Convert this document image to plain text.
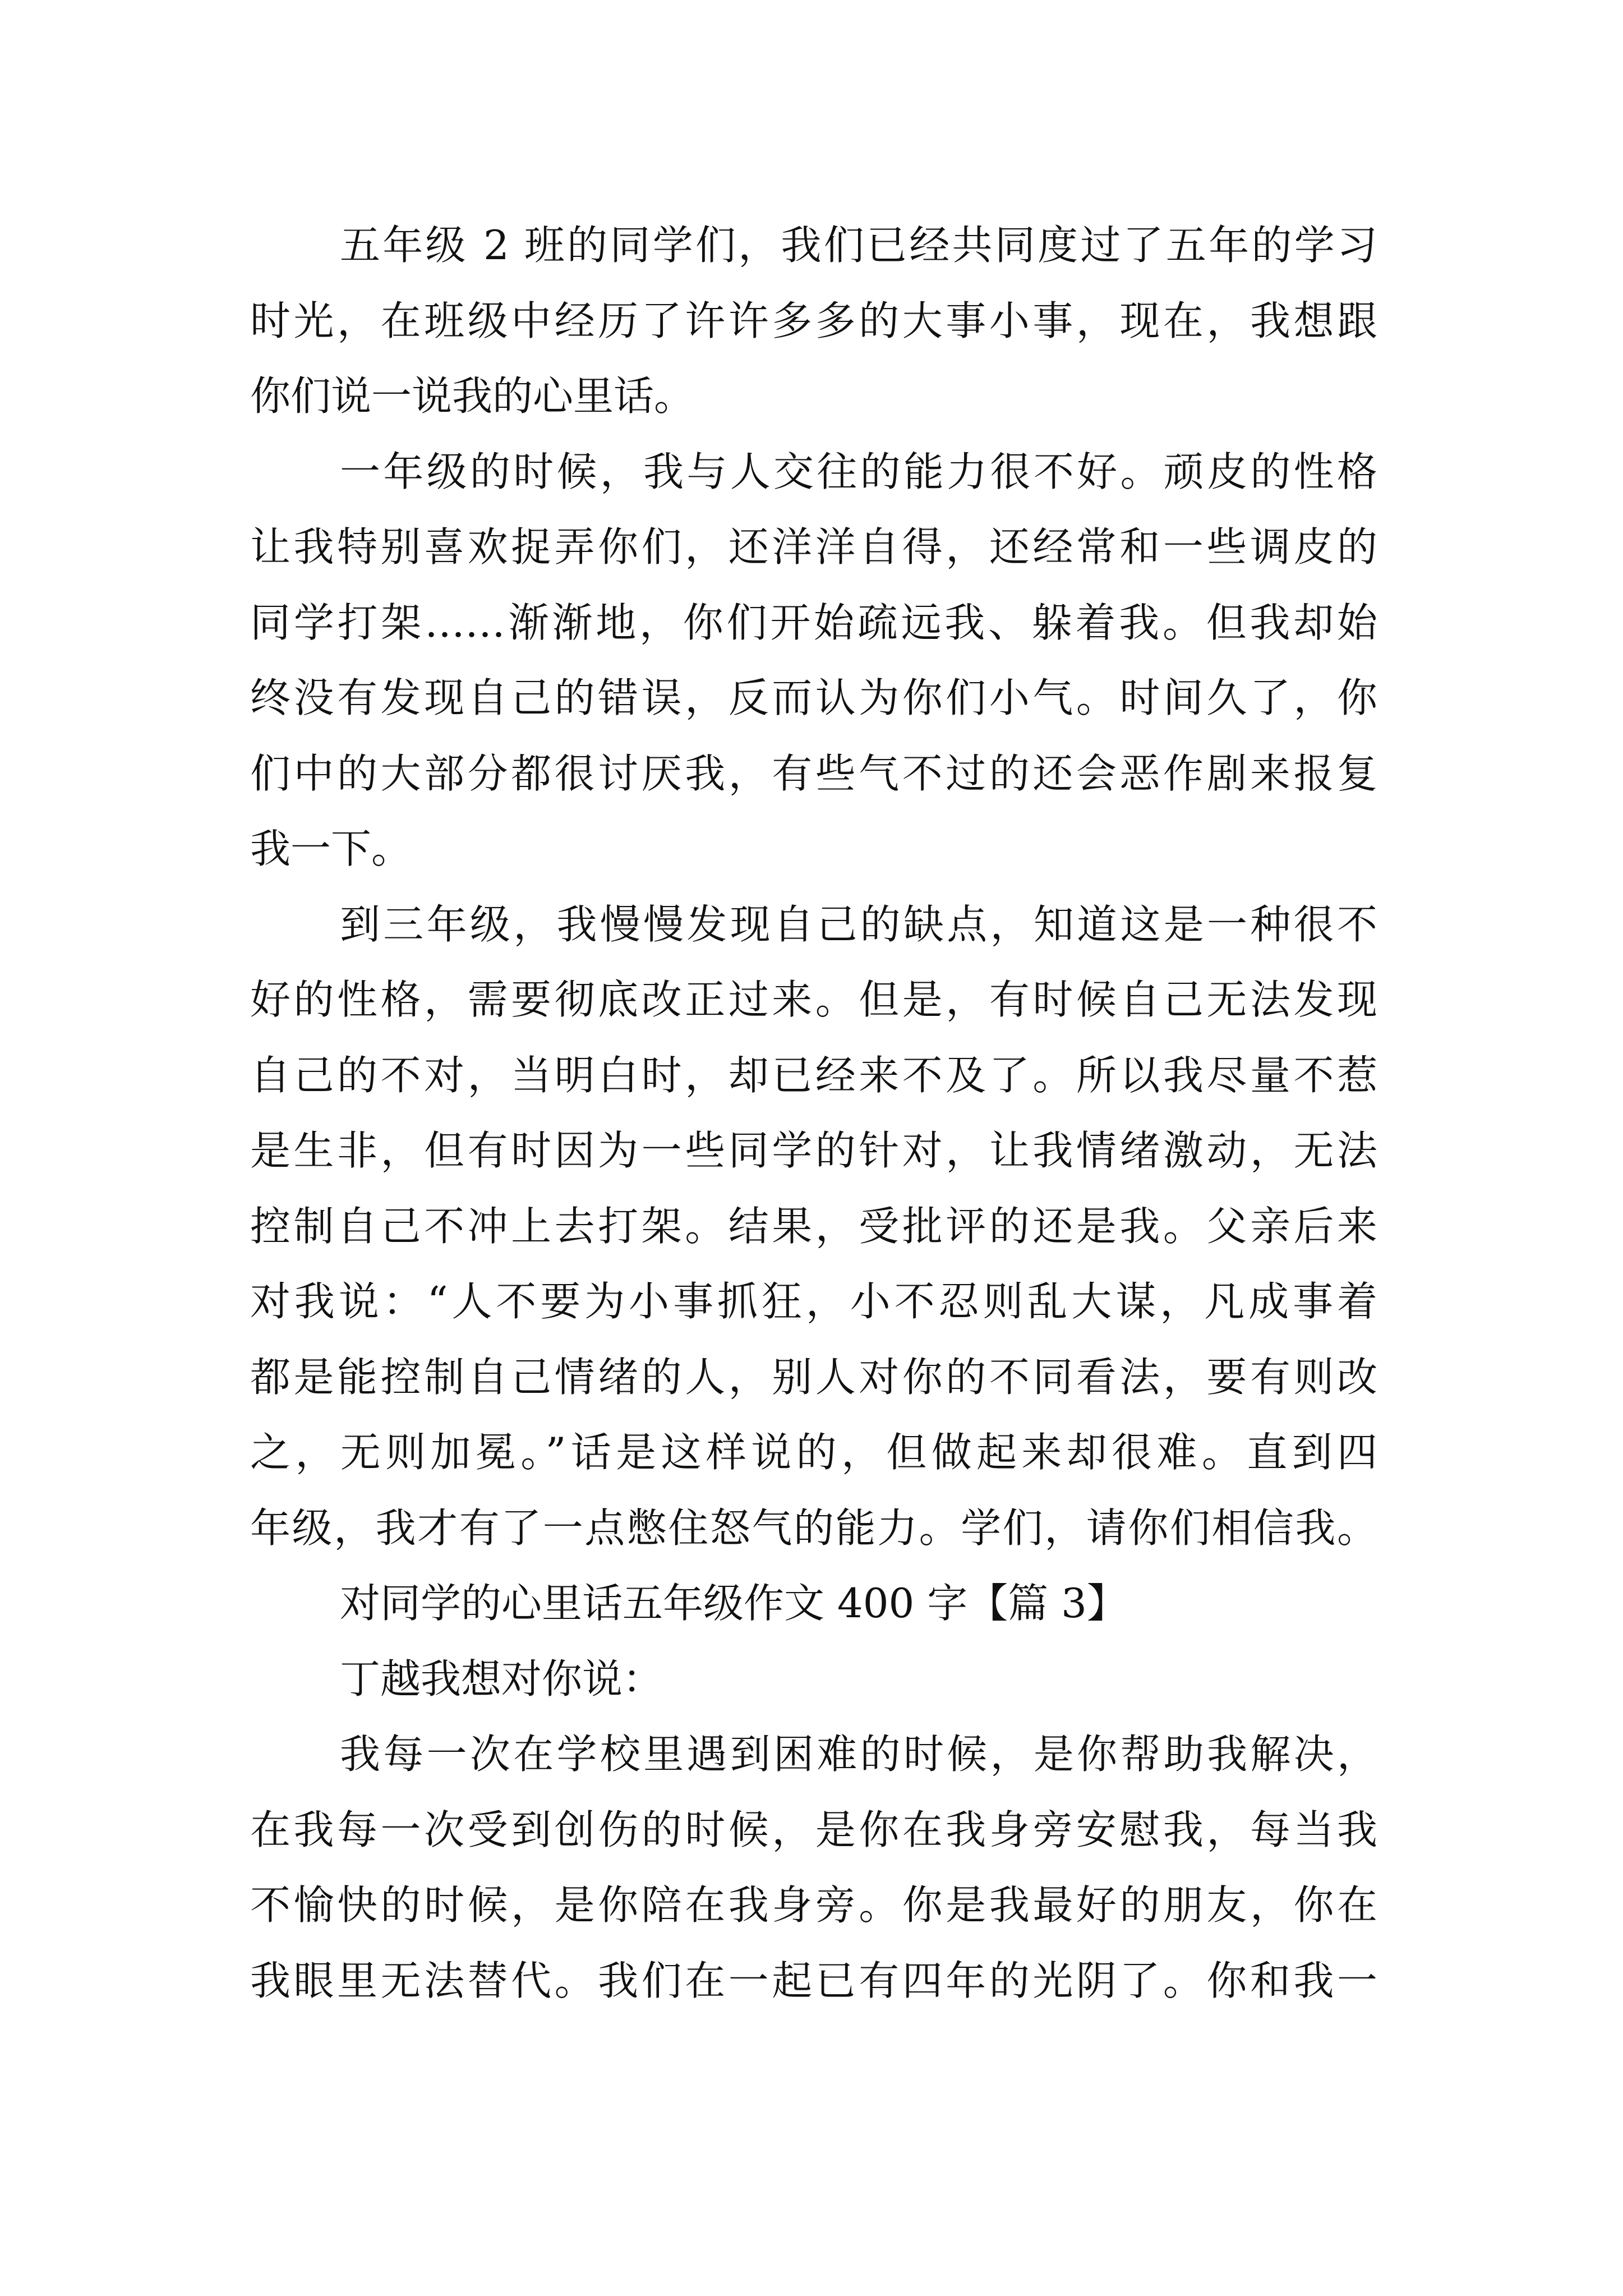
五年级 2 班的同学们，我们已经共同度过了五年的学习
时光，在班级中经历了许许多多的大事小事，现在，我想跟
你们说一说我的心里话。
一年级的时候，我与人交往的能力很不好。顽皮的性格
让我特别喜欢捉弄你们，还洋洋自得，还经常和一些调皮的
同学打架……渐渐地，你们开始疏远我、躲着我。但我却始
终没有发现自己的错误，反而认为你们小气。时间久了，你
们中的大部分都很讨厌我，有些气不过的还会恶作剧来报复
我一下。
到三年级，我慢慢发现自己的缺点，知道这是一种很不
好的性格，需要彻底改正过来。但是，有时候自己无法发现
自己的不对，当明白时，却已经来不及了。所以我尽量不惹
是生非，但有时因为一些同学的针对，让我情绪激动，无法
控制自己不冲上去打架。结果，受批评的还是我。父亲后来
对我说：“人不要为小事抓狂，小不忍则乱大谋，凡成事着
都是能控制自己情绪的人，别人对你的不同看法，要有则改
之，无则加冕。”话是这样说的，但做起来却很难。直到四
年级，我才有了一点憋住怒气的能力。学们，请你们相信我。
对同学的心里话五年级作文 400 字【篇 3】
丁越我想对你说：
我每一次在学校里遇到困难的时候，是你帮助我解决，
在我每一次受到创伤的时候，是你在我身旁安慰我，每当我
不愉快的时候，是你陪在我身旁。你是我最好的朋友，你在
我眼里无法替代。我们在一起已有四年的光阴了。你和我一
